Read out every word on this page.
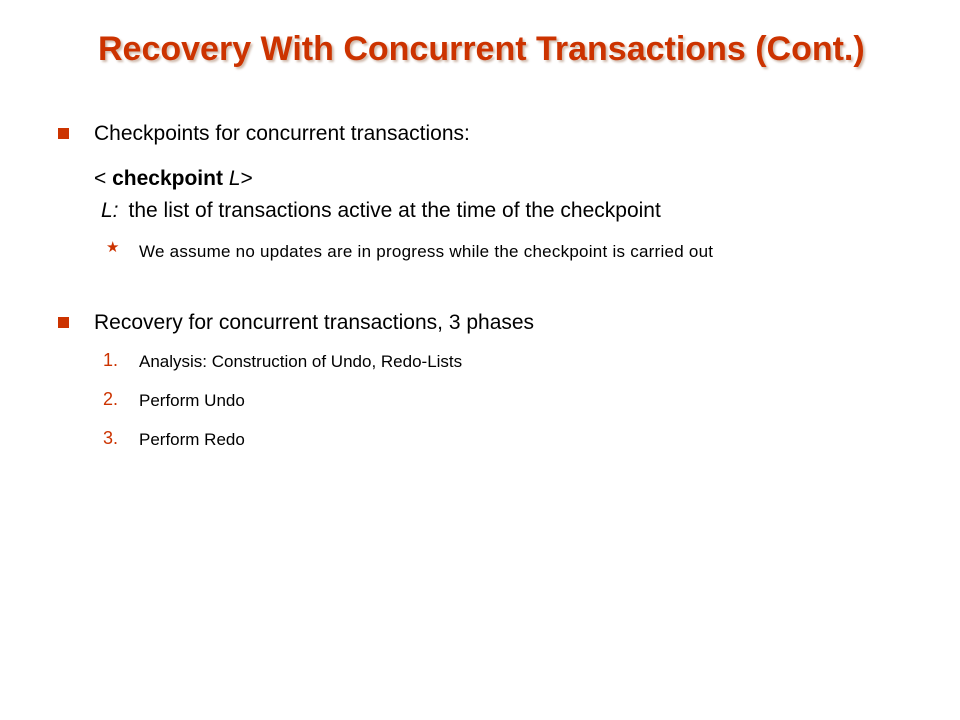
Recovery With Concurrent Transactions (Cont.)
Checkpoints for concurrent transactions:
< checkpoint L>
L: the list of transactions active at the time of the checkpoint
★ We assume no updates are in progress while the checkpoint is carried out
Recovery for concurrent transactions, 3 phases
1. Analysis: Construction of Undo, Redo-Lists
2. Perform Undo
3. Perform Redo
